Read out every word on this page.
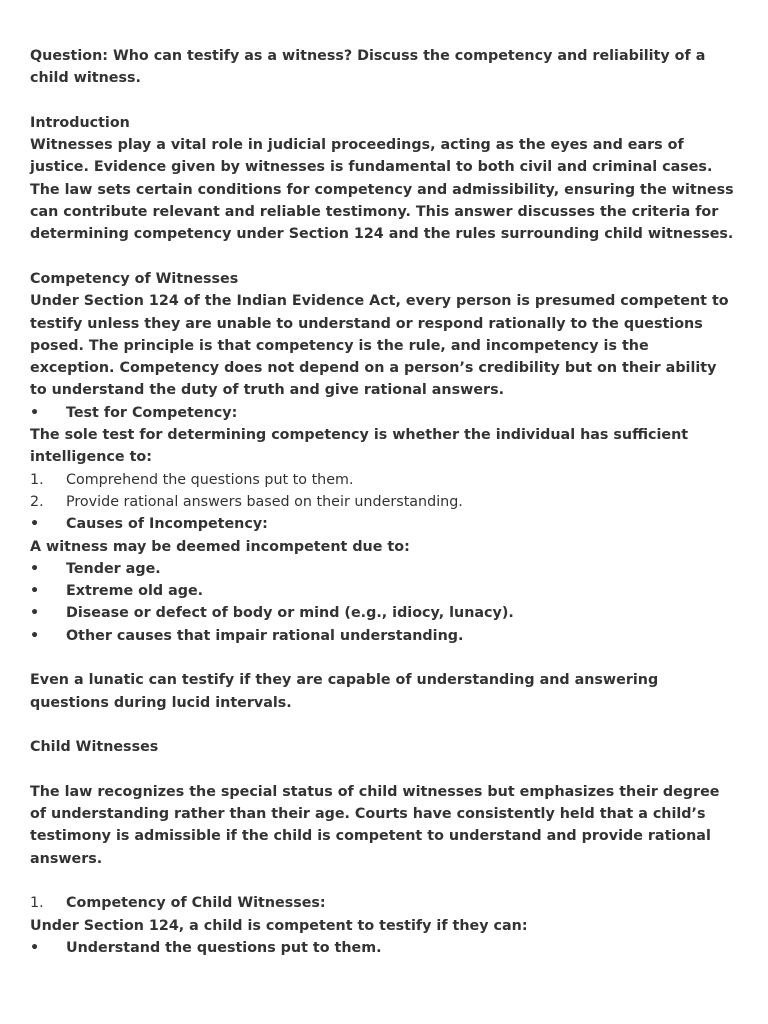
Question: Who can testify as a witness? Discuss the competency and reliability of a child witness.

Introduction

Witnesses play a vital role in judicial proceedings, acting as the eyes and ears of justice. Evidence given by witnesses is fundamental to both civil and criminal cases. The law sets certain conditions for competency and admissibility, ensuring the witness can contribute relevant and reliable testimony. This answer discusses the criteria for determining competency under Section 124 and the rules surrounding child witnesses.

Competency of Witnesses

Under Section 124 of the Indian Evidence Act, every person is presumed competent to testify unless they are unable to understand or respond rationally to the questions posed. The principle is that competency is the rule, and incompetency is the exception. Competency does not depend on a person’s credibility but on their ability to understand the duty of truth and give rational answers.

•	Test for Competency:

The sole test for determining competency is whether the individual has sufficient intelligence to:

1.	Comprehend the questions put to them.
2.	Provide rational answers based on their understanding.
•	Causes of Incompetency:

A witness may be deemed incompetent due to:

•	Tender age.
•	Extreme old age.
•	Disease or defect of body or mind (e.g., idiocy, lunacy).
•	Other causes that impair rational understanding.

Even a lunatic can testify if they are capable of understanding and answering questions during lucid intervals.

Child Witnesses

The law recognizes the special status of child witnesses but emphasizes their degree of understanding rather than their age. Courts have consistently held that a child’s testimony is admissible if the child is competent to understand and provide rational answers.

1.	Competency of Child Witnesses:

Under Section 124, a child is competent to testify if they can:

•	Understand the questions put to them.
